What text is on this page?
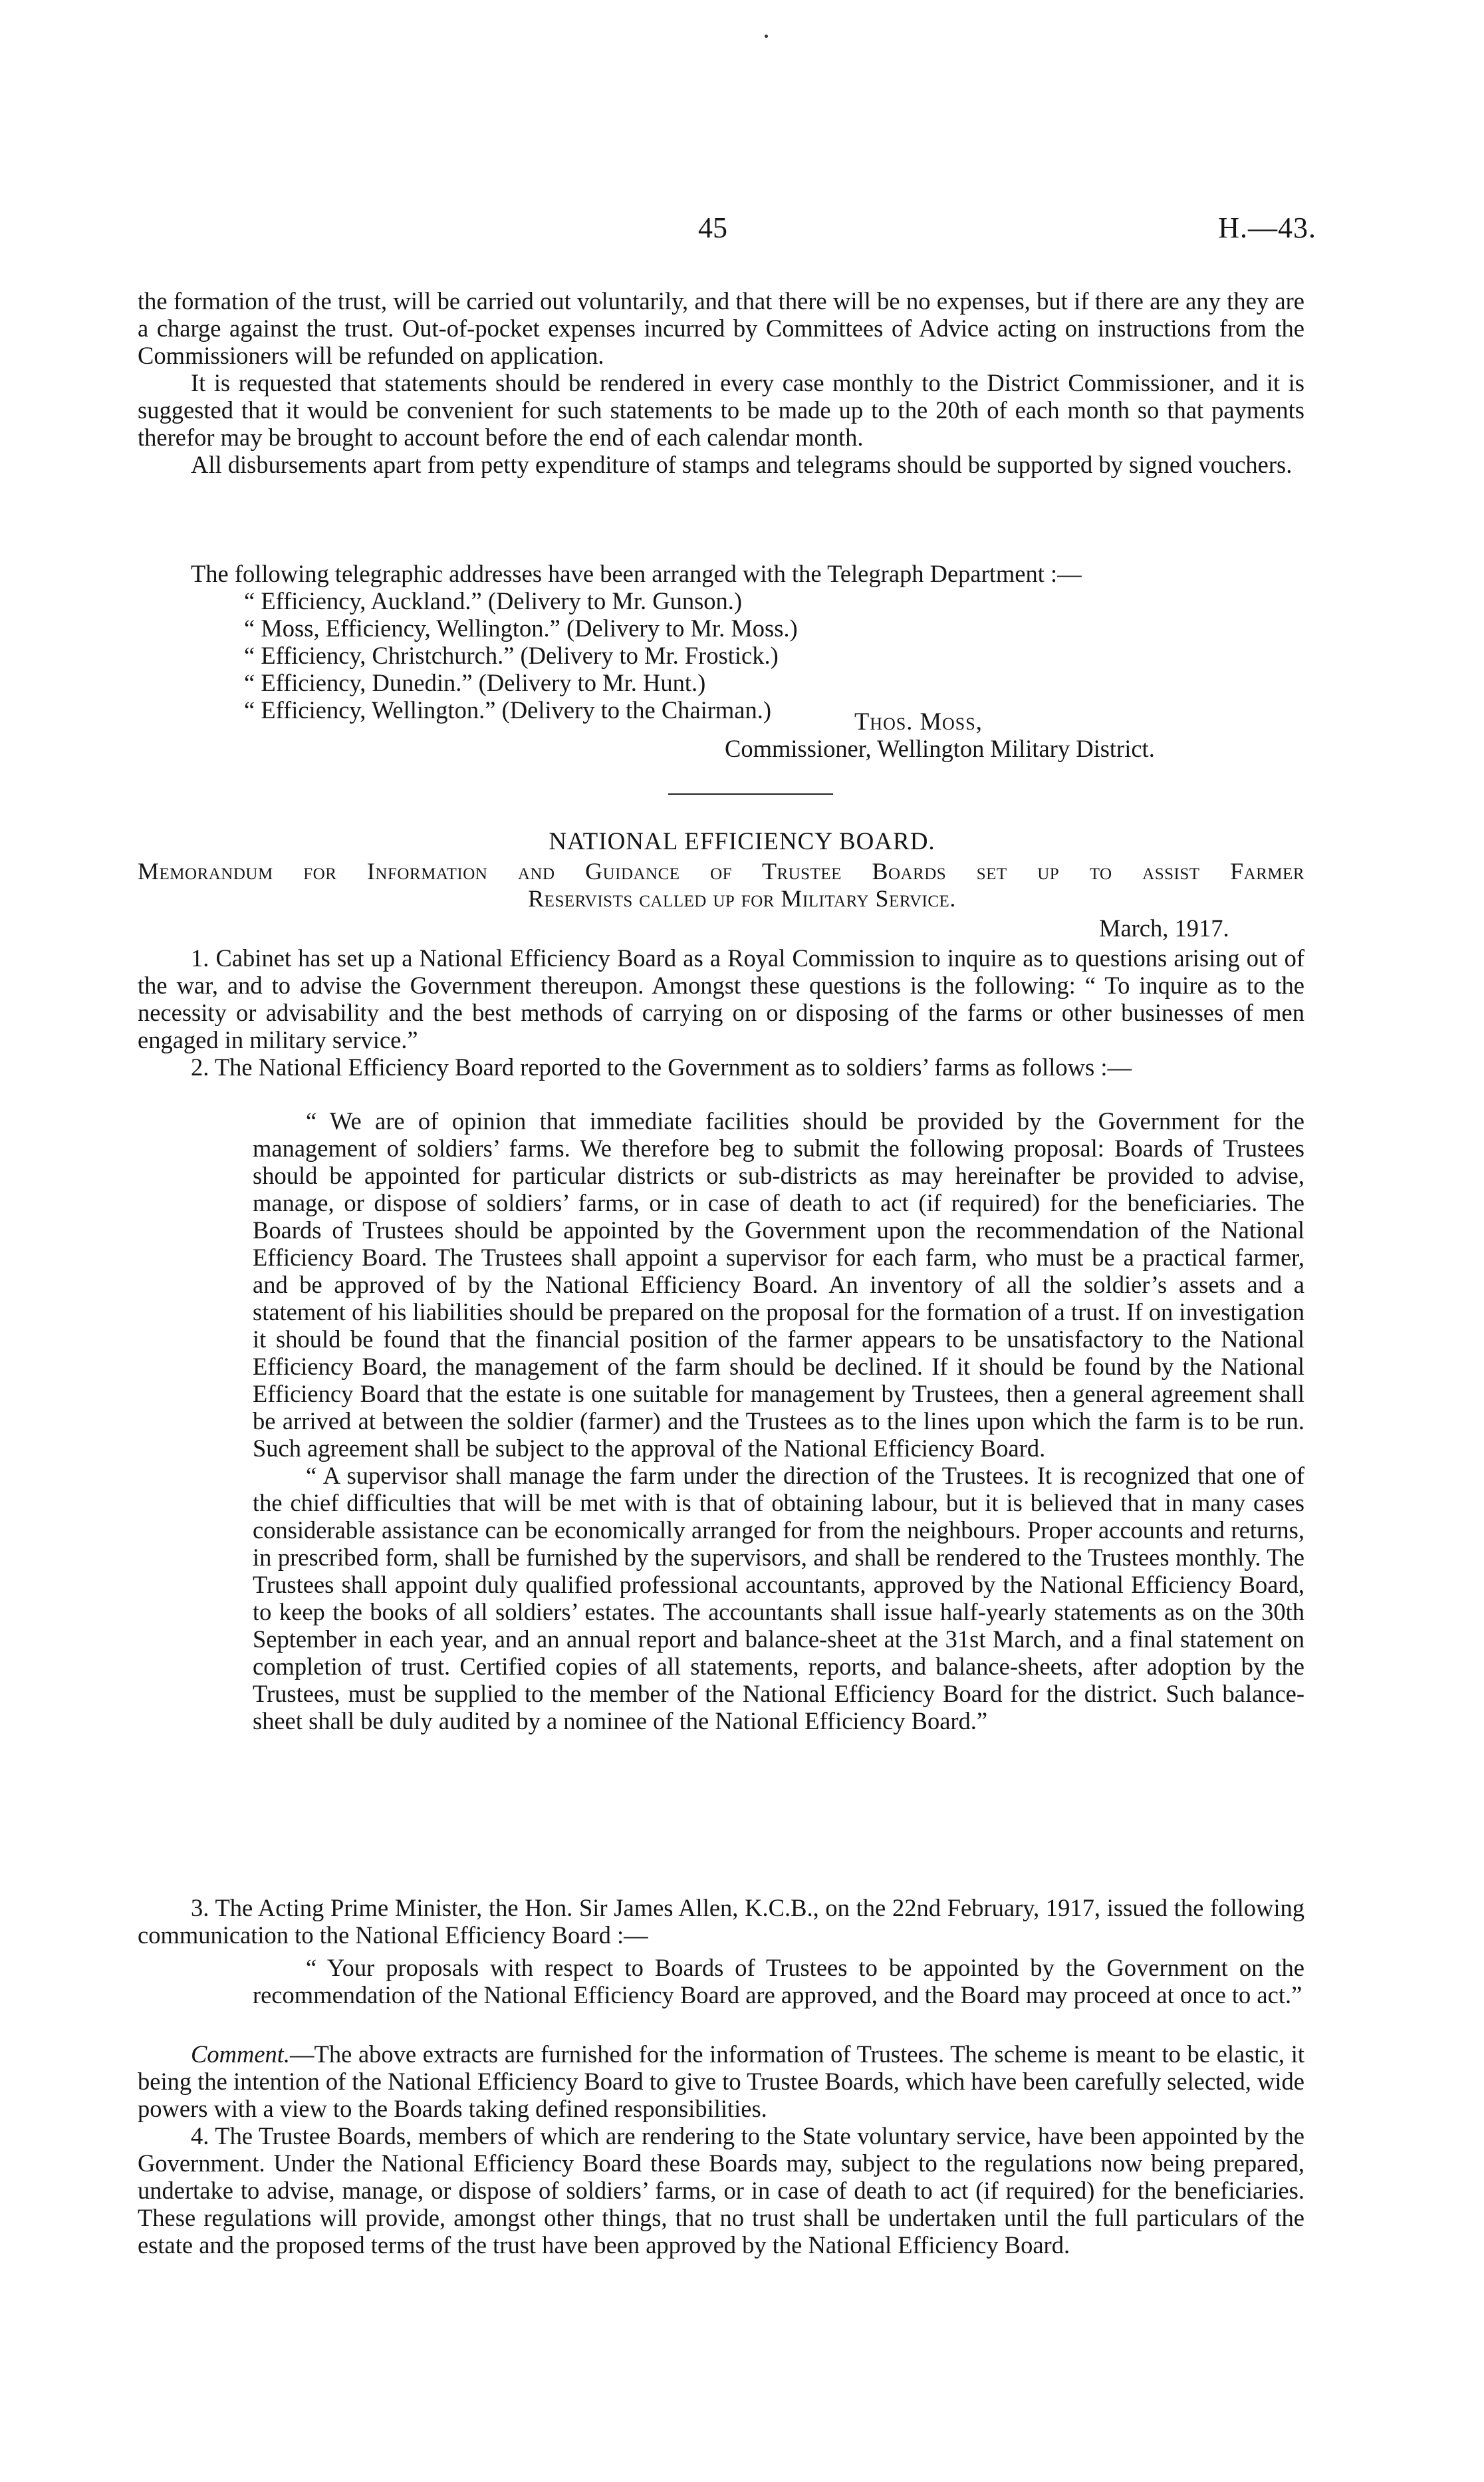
45	H.—43.

the formation of the trust, will be carried out voluntarily, and that there will be no expenses, but if there are any they are a charge against the trust. Out-of-pocket expenses incurred by Committees of Advice acting on instructions from the Commissioners will be refunded on application.

It is requested that statements should be rendered in every case monthly to the District Commissioner, and it is suggested that it would be convenient for such statements to be made up to the 20th of each month so that payments therefor may be brought to account before the end of each calendar month.

All disbursements apart from petty expenditure of stamps and telegrams should be supported by signed vouchers.

The following telegraphic addresses have been arranged with the Telegraph Department :—
“ Efficiency, Auckland.” (Delivery to Mr. Gunson.)
“ Moss, Efficiency, Wellington.” (Delivery to Mr. Moss.)
“ Efficiency, Christchurch.” (Delivery to Mr. Frostick.)
“ Efficiency, Dunedin.” (Delivery to Mr. Hunt.)
“ Efficiency, Wellington.” (Delivery to the Chairman.)	Thos. Moss,
Commissioner, Wellington Military District.
NATIONAL EFFICIENCY BOARD.
Memorandum for Information and Guidance of Trustee Boards set up to assist Farmer
Reservists called up for Military Service.
March, 1917.

1. Cabinet has set up a National Efficiency Board as a Royal Commission to inquire as to questions arising out of the war, and to advise the Government thereupon. Amongst these questions is the following: “ To inquire as to the necessity or advisability and the best methods of carrying on or disposing of the farms or other businesses of men engaged in military service.”

2. The National Efficiency Board reported to the Government as to soldiers’ farms as follows :—

“ We are of opinion that immediate facilities should be provided by the Government for the management of soldiers’ farms. We therefore beg to submit the following proposal: Boards of Trustees should be appointed for particular districts or sub-districts as may hereinafter be provided to advise, manage, or dispose of soldiers’ farms, or in case of death to act (if required) for the beneficiaries. The Boards of Trustees should be appointed by the Government upon the recommendation of the National Efficiency Board. The Trustees shall appoint a supervisor for each farm, who must be a practical farmer, and be approved of by the National Efficiency Board. An inventory of all the soldier’s assets and a statement of his liabilities should be prepared on the proposal for the formation of a trust. If on investigation it should be found that the financial position of the farmer appears to be unsatisfactory to the National Efficiency Board, the management of the farm should be declined. If it should be found by the National Efficiency Board that the estate is one suitable for management by Trustees, then a general agreement shall be arrived at between the soldier (farmer) and the Trustees as to the lines upon which the farm is to be run. Such agreement shall be subject to the approval of the National Efficiency Board.

“ A supervisor shall manage the farm under the direction of the Trustees. It is recognized that one of the chief difficulties that will be met with is that of obtaining labour, but it is believed that in many cases considerable assistance can be economically arranged for from the neighbours. Proper accounts and returns, in prescribed form, shall be furnished by the supervisors, and shall be rendered to the Trustees monthly. The Trustees shall appoint duly qualified professional accountants, approved by the National Efficiency Board, to keep the books of all soldiers’ estates. The accountants shall issue half-yearly statements as on the 30th September in each year, and an annual report and balance-sheet at the 31st March, and a final statement on completion of trust. Certified copies of all statements, reports, and balance-sheets, after adoption by the Trustees, must be supplied to the member of the National Efficiency Board for the district. Such balance-sheet shall be duly audited by a nominee of the National Efficiency Board.”

3. The Acting Prime Minister, the Hon. Sir James Allen, K.C.B., on the 22nd February, 1917, issued the following communication to the National Efficiency Board :—

“ Your proposals with respect to Boards of Trustees to be appointed by the Government on the recommendation of the National Efficiency Board are approved, and the Board may proceed at once to act.”

Comment.—The above extracts are furnished for the information of Trustees. The scheme is meant to be elastic, it being the intention of the National Efficiency Board to give to Trustee Boards, which have been carefully selected, wide powers with a view to the Boards taking defined responsibilities.

4. The Trustee Boards, members of which are rendering to the State voluntary service, have been appointed by the Government. Under the National Efficiency Board these Boards may, subject to the regulations now being prepared, undertake to advise, manage, or dispose of soldiers’ farms, or in case of death to act (if required) for the beneficiaries. These regulations will provide, amongst other things, that no trust shall be undertaken until the full particulars of the estate and the proposed terms of the trust have been approved by the National Efficiency Board.
